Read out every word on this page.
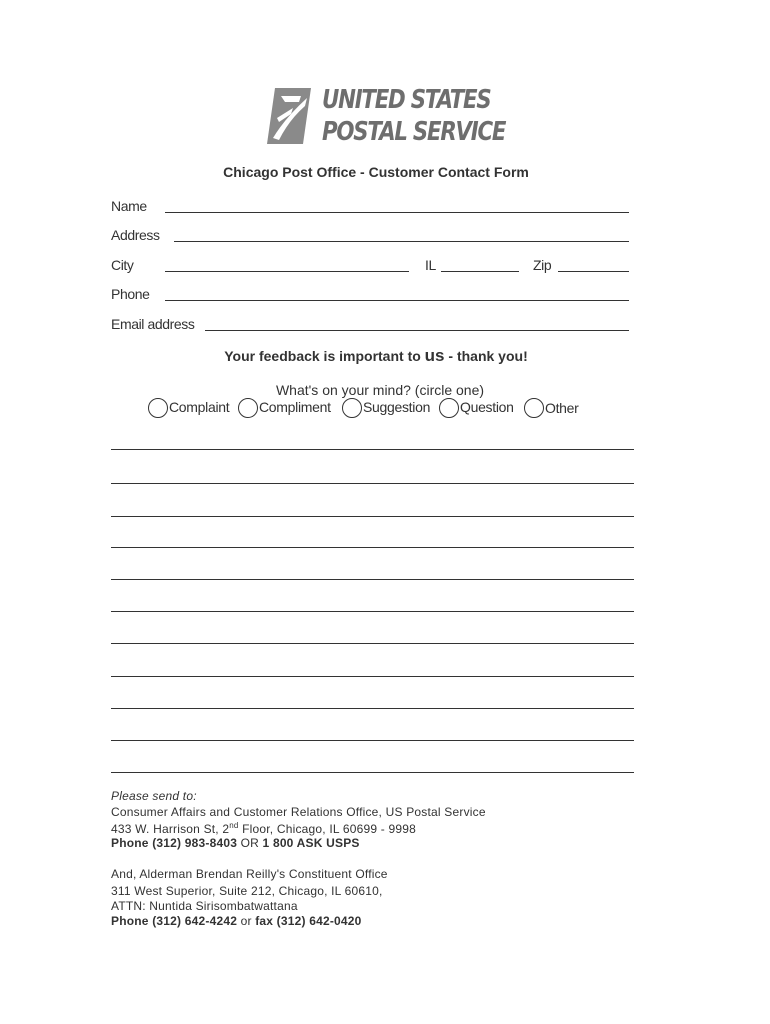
UNITED STATES
POSTAL SERVICE
Chicago Post Office - Customer Contact Form
Name
Address
City	IL	Zip
Phone
Email address
Your feedback is important to us - thank you!
What's on your mind? (circle one)
Complaint Compliment Suggestion Question Other
Please send to:
Consumer Affairs and Customer Relations Office, US Postal Service
433 W. Harrison St, 2nd Floor, Chicago, IL 60699 - 9998
Phone (312) 983-8403 OR 1 800 ASK USPS
And, Alderman Brendan Reilly's Constituent Office
311 West Superior, Suite 212, Chicago, IL 60610,
ATTN: Nuntida Sirisombatwattana
Phone (312) 642-4242 or fax (312) 642-0420
